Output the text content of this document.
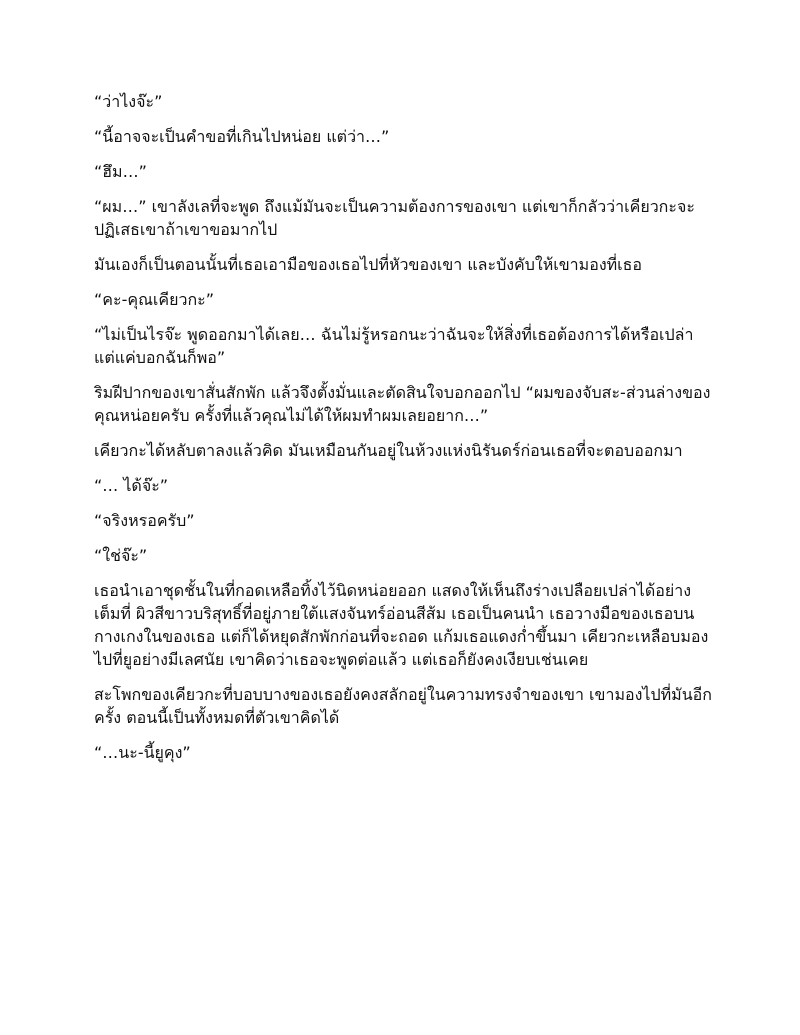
“ว่าไงจ๊ะ”

“นี้อาจจะเป็นคำขอที่เกินไปหน่อย แต่ว่า…”

“ฮึม…”

“ผม…” เขาลังเลที่จะพูด ถึงแม้มันจะเป็นความต้องการของเขา แต่เขาก็กลัวว่าเคียวกะจะปฏิเสธเขาถ้าเขาขอมากไป

มันเองก็เป็นตอนนั้นที่เธอเอามือของเธอไปที่หัวของเขา และบังคับให้เขามองที่เธอ

“คะ-คุณเคียวกะ”

“ไม่เป็นไรจ๊ะ พูดออกมาได้เลย… ฉันไม่รู้หรอกนะว่าฉันจะให้สิ่งที่เธอต้องการได้หรือเปล่า แต่แค่บอกฉันก็พอ”

ริมฝีปากของเขาสั่นสักพัก แล้วจึงตั้งมั่นและตัดสินใจบอกออกไป “ผมของจับสะ-ส่วนล่างของคุณหน่อยครับ ครั้งที่แล้วคุณไม่ได้ให้ผมทำผมเลยอยาก…”

เคียวกะได้หลับตาลงแล้วคิด มันเหมือนกันอยู่ในห้วงแห่งนิรันดร์ก่อนเธอที่จะตอบออกมา

“… ได้จ๊ะ”

“จริงหรอครับ”

“ใช่จ๊ะ”

เธอนำเอาชุดชั้นในที่กอดเหลือทิ้งไว้นิดหน่อยออก แสดงให้เห็นถึงร่างเปลือยเปล่าได้อย่างเต็มที่ ผิวสีขาวบริสุทธิ์ที่อยู่ภายใต้แสงจันทร์อ่อนสีส้ม เธอเป็นคนนำ เธอวางมือของเธอบนกางเกงในของเธอ แต่ก็ได้หยุดสักพักก่อนที่จะถอด แก้มเธอแดงก่ำขึ้นมา เคียวกะเหลือบมองไปที่ยูอย่างมีเลศนัย เขาคิดว่าเธอจะพูดต่อแล้ว แต่เธอก็ยังคงเงียบเช่นเคย

สะโพกของเคียวกะที่บอบบางของเธอยังคงสลักอยู่ในความทรงจำของเขา เขามองไปที่มันอีกครั้ง ตอนนี้เป็นทั้งหมดที่ตัวเขาคิดได้

“…นะ-นี้ยูคุง”
